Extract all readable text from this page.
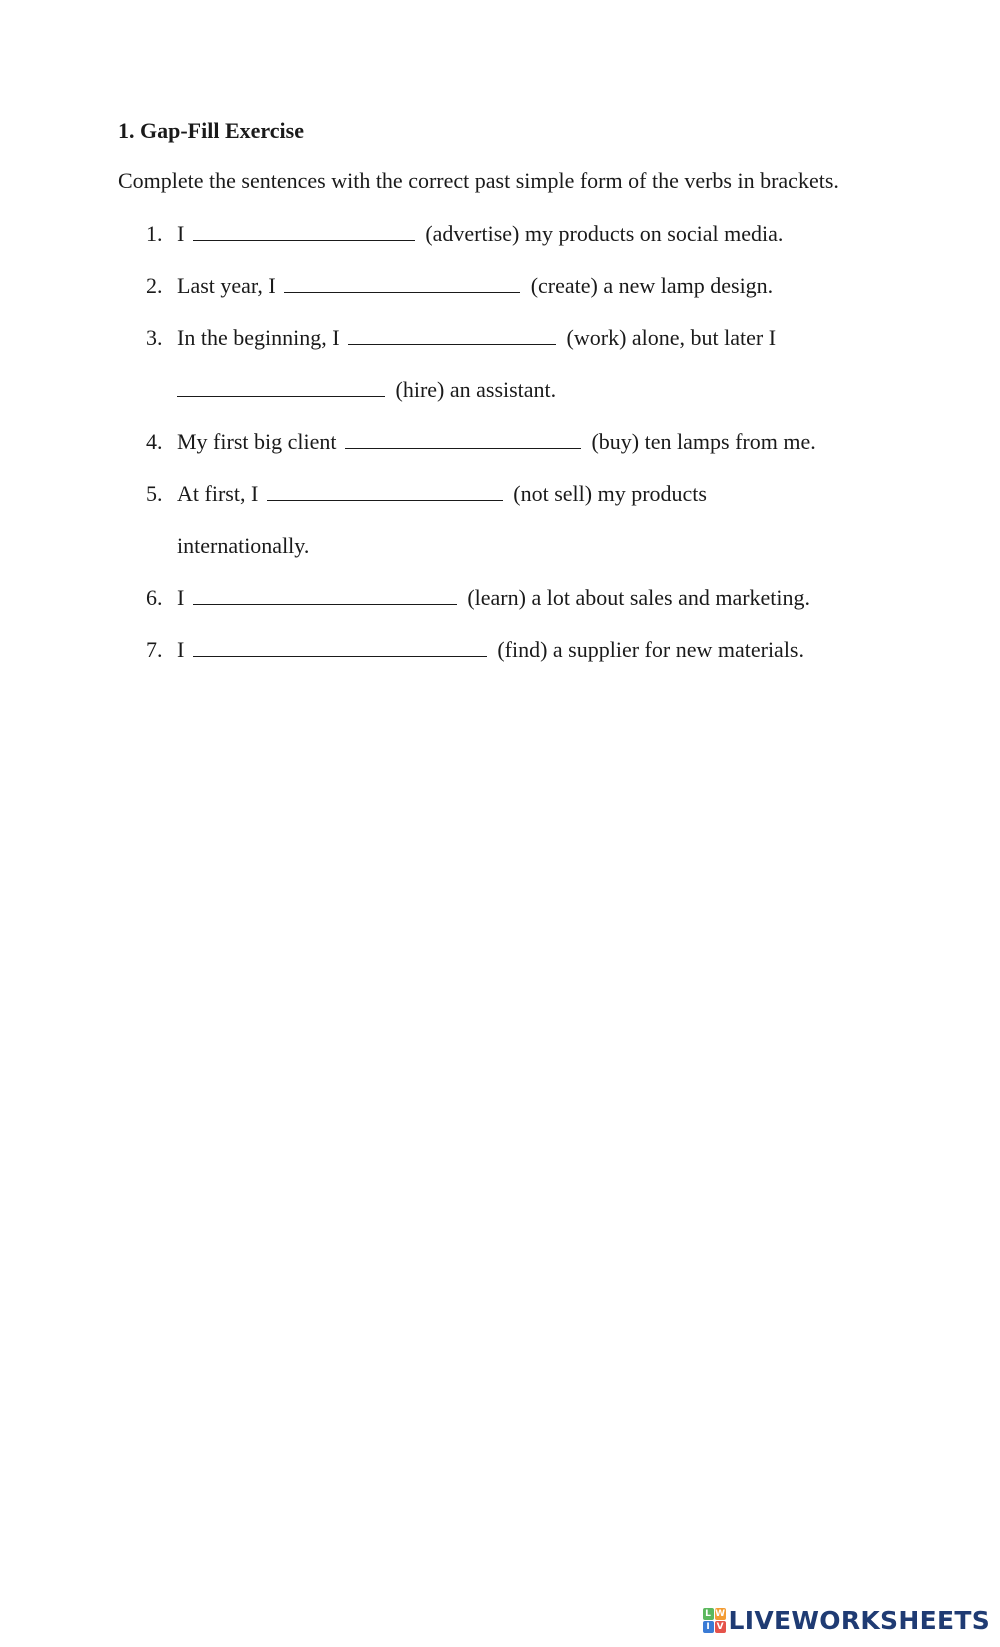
1. Gap-Fill Exercise

Complete the sentences with the correct past simple form of the verbs in brackets.

1. I	(advertise) my products on social media.
2. Last year, I	(create) a new lamp design.
3. In the beginning, I	(work) alone, but later I
(hire) an assistant.
4. My first big client	(buy) ten lamps from me.
5. At first, I	(not sell) my products
internationally.
6. I	(learn) a lot about sales and marketing.
7. I	(find) a supplier for new materials.
L W
I V LIVEWORKSHEETS
